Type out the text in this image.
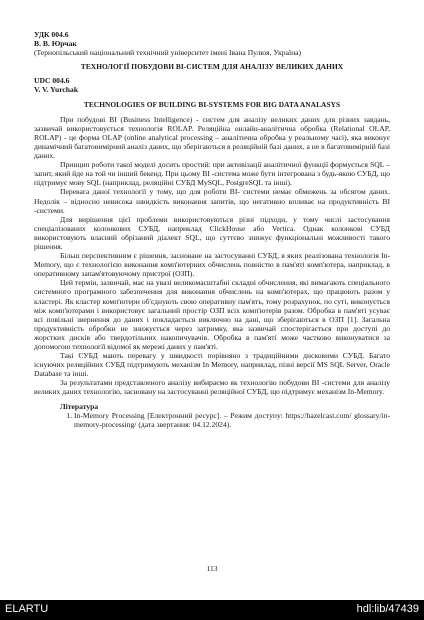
УДК 004.6
В. В. Юрчак
(Тернопільський національний технічний університет імені Івана Пулюя, Україна)
ТЕХНОЛОГІЇ ПОБУДОВИ BI-СИСТЕМ ДЛЯ АНАЛІЗУ ВЕЛИКИХ ДАНИХ
UDC 004.6
V. V. Yurchak
TECHNOLOGIES OF BUILDING BI-SYSTEMS FOR BIG DATA ANALASYS

При побудові BI (Business Intelligence) - систем для аналізу великих даних для різних завдань, зазвичай використовується технологія ROLAP. Реляційна онлайн-аналітична обробка (Relational OLAP, ROLAP) - це форма OLAP (online analytical processing – аналітична обробка у реальному часі), яка виконує динамічний багатовимірний аналіз даних, що зберігаються в реляційній базі даних, а не в багатовимірній базі даних.

Принцип роботи такої моделі досить простий: при активізації аналітичної функції формується SQL – запит, який йде на той чи інший бекенд. При цьому BI -система може бути інтегрована з будь-якою СУБД, що підтримує мову SQL (наприклад, реляційні СУБД MySQL, PostgreSQL та інші).

Перевага даної технології у тому, що для роботи BI- системи немає обмежень за обсягом даних. Недолік – відносно невисока швидкість виконання запитів, що негативно впливає на продуктивність BI -системи.

Для вирішення цієї проблеми використовуються різні підходи, у тому числі застосування спеціалізованих колонкових СУБД, наприклад ClickHouse або Vertica. Однак колонкові СУБД використовують власний обрізаний діалект SQL, що суттєво знижує функціональні можливості такого рішення.

Більш перспективним є рішення, засноване на застосуванні СУБД, в яких реалізована технологія In-Memory, що є технологією виконання комп'ютерних обчислень повністю в пам'яті комп'ютера, наприклад, в оперативному запам'ятовуючому пристрої (ОЗП).

Цей термін, зазвичай, має на увазі великомасштабні складні обчислення, які вимагають спеціального системного програмного забезпечення для виконання обчислень на комп'ютерах, що працюють разом у кластері. Як кластер комп'ютери об'єднують свою оперативну пам'ять, тому розрахунок, по суті, виконується між комп'ютерами і використовує загальний простір ОЗП всіх комп'ютерів разом. Обробка в пам'яті усуває всі повільні звернення до даних і покладається виключно на дані, що зберігаються в ОЗП [1]. Загальна продуктивність обробки не знижується через затримку, яка зазвичай спостерігається при доступі до жорстких дисків або твердотільних накопичувачів. Обробка в пам'яті може частково виконуватися за допомогою технології відомої як мережі даних у пам'яті.

Такі СУБД мають перевагу у швидкості порівняно з традиційними дисковими СУБД. Багато існуючих реляційних СУБД підтримують механізм In Memory, наприклад, пізні версії MS SQL Server, Oracle Database та інші.

За результатами представленого аналізу вибираємо як технологію побудови BI -системи для аналізу великих даних технологію, засновану на застосуванні реляційної СУБД, що підтримує механізм In-Memory.

Література
1. In-Memory Processing [Електронний ресурс]. – Режим доступу: https://hazelcast.com/ glossary/in-memory-processing/ (дата звертання: 04.12.2024).
113
ELARTU	hdl:lib/47439
